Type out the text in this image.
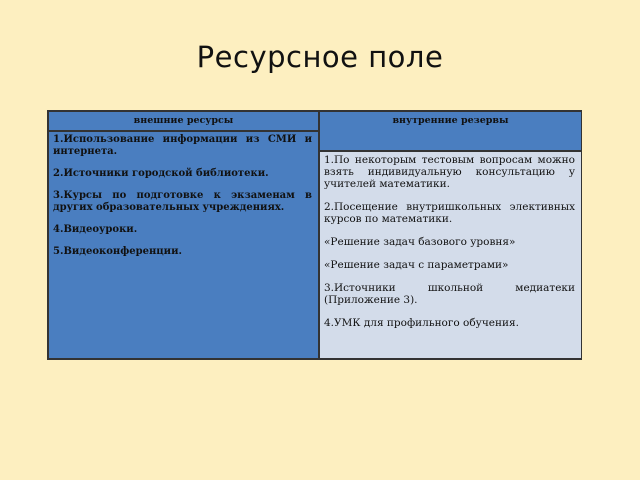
Ресурсное поле
внешние ресурсы	внутренние резервы
1.Использование информации из СМИ и интернета.
2.Источники городской библиотеки.
3.Курсы по подготовке к экзаменам в других образовательных учреждениях.
4.Видеоуроки.
5.Видеоконференции.
1.По некоторым тестовым вопросам можно взять индивидуальную консультацию у учителей математики.
2.Посещение внутришкольных элективных курсов по математики.
«Решение задач базового уровня»
«Решение задач с параметрами»
3.Источники школьной медиатеки (Приложение 3).
4.УМК для профильного обучения.
